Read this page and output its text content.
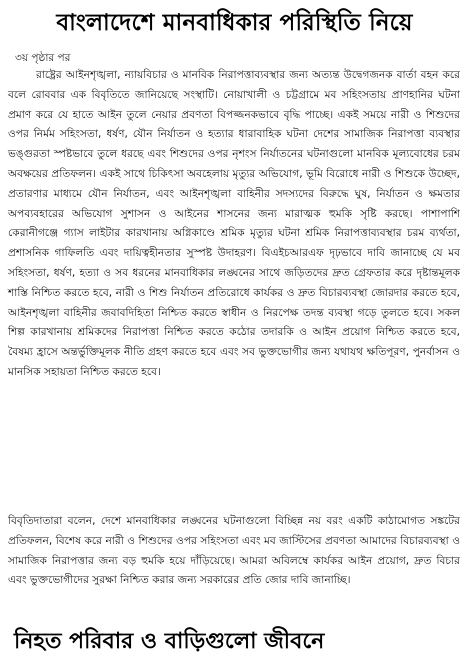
বাংলাদেশে মানবাধিকার পরিস্থিতি নিয়ে
৩য় পৃষ্ঠার পর

রাষ্ট্রের আইনশৃঙ্খলা, ন্যায়বিচার ও মানবিক নিরাপত্তাব্যবস্থার জন্য অত্যন্ত উদ্বেগজনক বার্তা বহন করে বলে রোববার এক বিবৃতিতে জানিয়েছে সংস্থাটি। নোয়াখালী ও চট্টগ্রামে মব সহিংসতায় প্রাণহানির ঘটনা প্রমাণ করে যে হাতে আইন তুলে নেয়ার প্রবণতা বিপজ্জনকভাবে বৃদ্ধি পাচ্ছে। একই সময়ে নারী ও শিশুদের ওপর নির্মম সহিংসতা, ধর্ষণ, যৌন নির্যাতন ও হত্যার ধারাবাহিক ঘটনা দেশের সামাজিক নিরাপত্তা ব্যবস্থার ভঙ্গুরতা স্পষ্টভাবে তুলে ধরছে এবং শিশুদের ওপর নৃশংস নির্যাতনের ঘটনাগুলো মানবিক মূল্যবোধের চরম অবক্ষয়ের প্রতিফলন। একই সাথে চিকিৎসা অবহেলায় মৃত্যুর অভিযোগ, ভূমি বিরোধে নারী ও শিশুকে উচ্ছেদ, প্রতারণার মাধ্যমে যৌন নির্যাতন, এবং আইনশৃঙ্খলা বাহিনীর সদস্যদের বিরুদ্ধে ঘুষ, নির্যাতন ও ক্ষমতার অপব্যবহারের অভিযোগ সুশাসন ও আইনের শাসনের জন্য মারাত্মক হুমকি সৃষ্টি করছে। পাশাপাশি কেরানীগঞ্জে গ্যাস লাইটার কারখানায় অগ্নিকাণ্ডে শ্রমিক মৃত্যুর ঘটনা শ্রমিক নিরাপত্তাব্যবস্থার চরম ব্যর্থতা, প্রশাসনিক গাফিলতি এবং দায়িত্বহীনতার সুস্পষ্ট উদাহরণ। বিএইচআরএফ দৃঢ়ভাবে দাবি জানাচ্ছে যে মব সহিংসতা, ধর্ষণ, হত্যা ও সব ধরনের মানবাধিকার লঙ্ঘনের সাথে জড়িতদের দ্রুত গ্রেফতার করে দৃষ্টান্তমূলক শাস্তি নিশ্চিত করতে হবে, নারী ও শিশু নির্যাতন প্রতিরোধে কার্যকর ও দ্রুত বিচারব্যবস্থা জোরদার করতে হবে, আইনশৃঙ্খলা বাহিনীর জবাবদিহিতা নিশ্চিত করতে স্বাধীন ও নিরপেক্ষ তদন্ত ব্যবস্থা গড়ে তুলতে হবে। সকল শিল্প কারখানায় শ্রমিকদের নিরাপত্তা নিশ্চিত করতে কঠোর তদারকি ও আইন প্রয়োগ নিশ্চিত করতে হবে, বৈষম্য হ্রাসে অন্তর্ভুক্তিমূলক নীতি গ্রহণ করতে হবে এবং সব ভুক্তভোগীর জন্য যথাযথ ক্ষতিপূরণ, পুনর্বাসন ও মানসিক সহায়তা নিশ্চিত করতে হবে।

বিবৃতিদাতারা বলেন, দেশে মানবাধিকার লঙ্ঘনের ঘটনাগুলো বিচ্ছিন্ন নয় বরং একটি কাঠামোগত সঙ্কটের প্রতিফলন, বিশেষ করে নারী ও শিশুদের ওপর সহিংসতা এবং মব জাস্টিসের প্রবণতা আমাদের বিচারব্যবস্থা ও সামাজিক নিরাপত্তার জন্য বড় হুমকি হয়ে দাঁড়িয়েছে। আমরা অবিলম্বে কার্যকর আইন প্রয়োগ, দ্রুত বিচার এবং ভুক্তভোগীদের সুরক্ষা নিশ্চিত করার জন্য সরকারের প্রতি জোর দাবি জানাচ্ছি।

নিহত পরিবার ও বাড়িগুলো জীবনে
